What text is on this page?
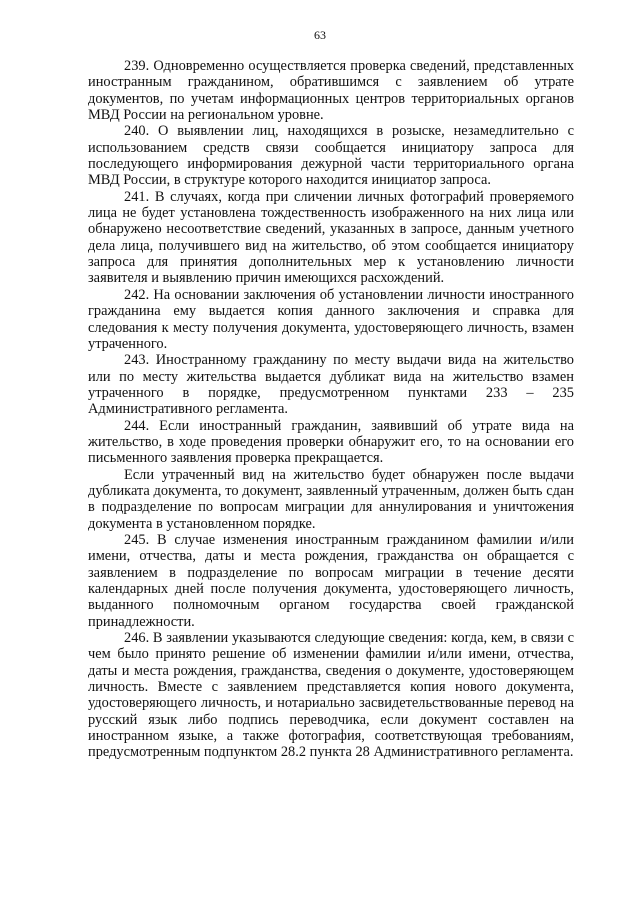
63

239. Одновременно осуществляется проверка сведений, представленных иностранным гражданином, обратившимся с заявлением об утрате документов, по учетам информационных центров территориальных органов МВД России на региональном уровне.

240. О выявлении лиц, находящихся в розыске, незамедлительно с использованием средств связи сообщается инициатору запроса для последующего информирования дежурной части территориального органа МВД России, в структуре которого находится инициатор запроса.

241. В случаях, когда при сличении личных фотографий проверяемого лица не будет установлена тождественность изображенного на них лица или обнаружено несоответствие сведений, указанных в запросе, данным учетного дела лица, получившего вид на жительство, об этом сообщается инициатору запроса для принятия дополнительных мер к установлению личности заявителя и выявлению причин имеющихся расхождений.

242. На основании заключения об установлении личности иностранного гражданина ему выдается копия данного заключения и справка для следования к месту получения документа, удостоверяющего личность, взамен утраченного.

243. Иностранному гражданину по месту выдачи вида на жительство или по месту жительства выдается дубликат вида на жительство взамен утраченного в порядке, предусмотренном пунктами 233 – 235 Административного регламента.

244. Если иностранный гражданин, заявивший об утрате вида на жительство, в ходе проведения проверки обнаружит его, то на основании его письменного заявления проверка прекращается.

Если утраченный вид на жительство будет обнаружен после выдачи дубликата документа, то документ, заявленный утраченным, должен быть сдан в подразделение по вопросам миграции для аннулирования и уничтожения документа в установленном порядке.

245. В случае изменения иностранным гражданином фамилии и/или имени, отчества, даты и места рождения, гражданства он обращается с заявлением в подразделение по вопросам миграции в течение десяти календарных дней после получения документа, удостоверяющего личность, выданного полномочным органом государства своей гражданской принадлежности.

246. В заявлении указываются следующие сведения: когда, кем, в связи с чем было принято решение об изменении фамилии и/или имени, отчества, даты и места рождения, гражданства, сведения о документе, удостоверяющем личность. Вместе с заявлением представляется копия нового документа, удостоверяющего личность, и нотариально засвидетельствованные перевод на русский язык либо подпись переводчика, если документ составлен на иностранном языке, а также фотография, соответствующая требованиям, предусмотренным подпунктом 28.2 пункта 28 Административного регламента.
